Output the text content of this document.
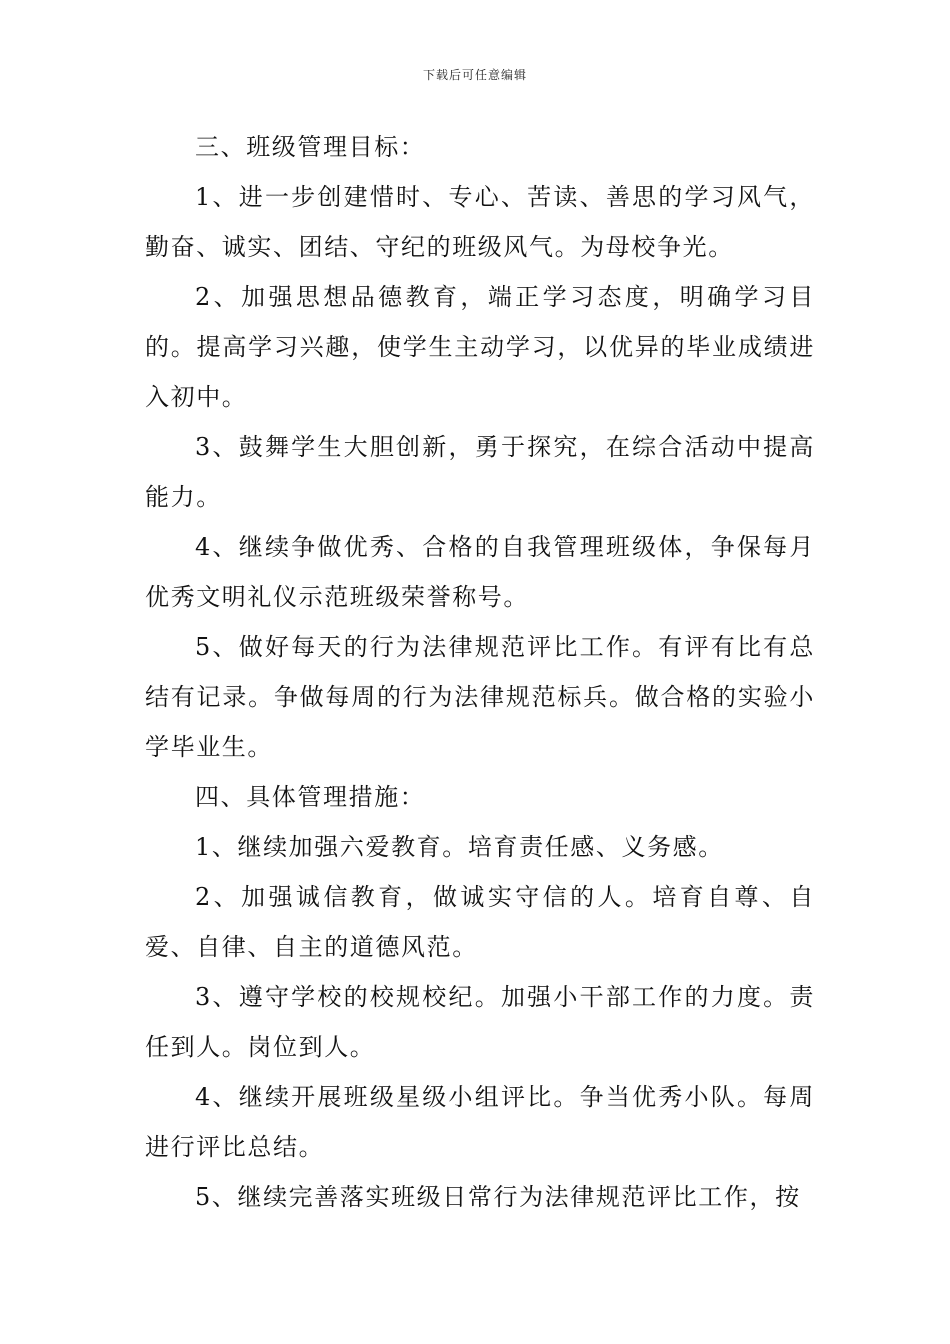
下载后可任意编辑

三、班级管理目标：

1、进一步创建惜时、专心、苦读、善思的学习风气，勤奋、诚实、团结、守纪的班级风气。为母校争光。

2、加强思想品德教育，端正学习态度，明确学习目的。提高学习兴趣，使学生主动学习，以优异的毕业成绩进入初中。

3、鼓舞学生大胆创新，勇于探究，在综合活动中提高能力。

4、继续争做优秀、合格的自我管理班级体，争保每月优秀文明礼仪示范班级荣誉称号。

5、做好每天的行为法律规范评比工作。有评有比有总结有记录。争做每周的行为法律规范标兵。做合格的实验小学毕业生。

四、具体管理措施：

1、继续加强六爱教育。培育责任感、义务感。

2、加强诚信教育，做诚实守信的人。培育自尊、自爱、自律、自主的道德风范。

3、遵守学校的校规校纪。加强小干部工作的力度。责任到人。岗位到人。

4、继续开展班级星级小组评比。争当优秀小队。每周进行评比总结。

5、继续完善落实班级日常行为法律规范评比工作，按
